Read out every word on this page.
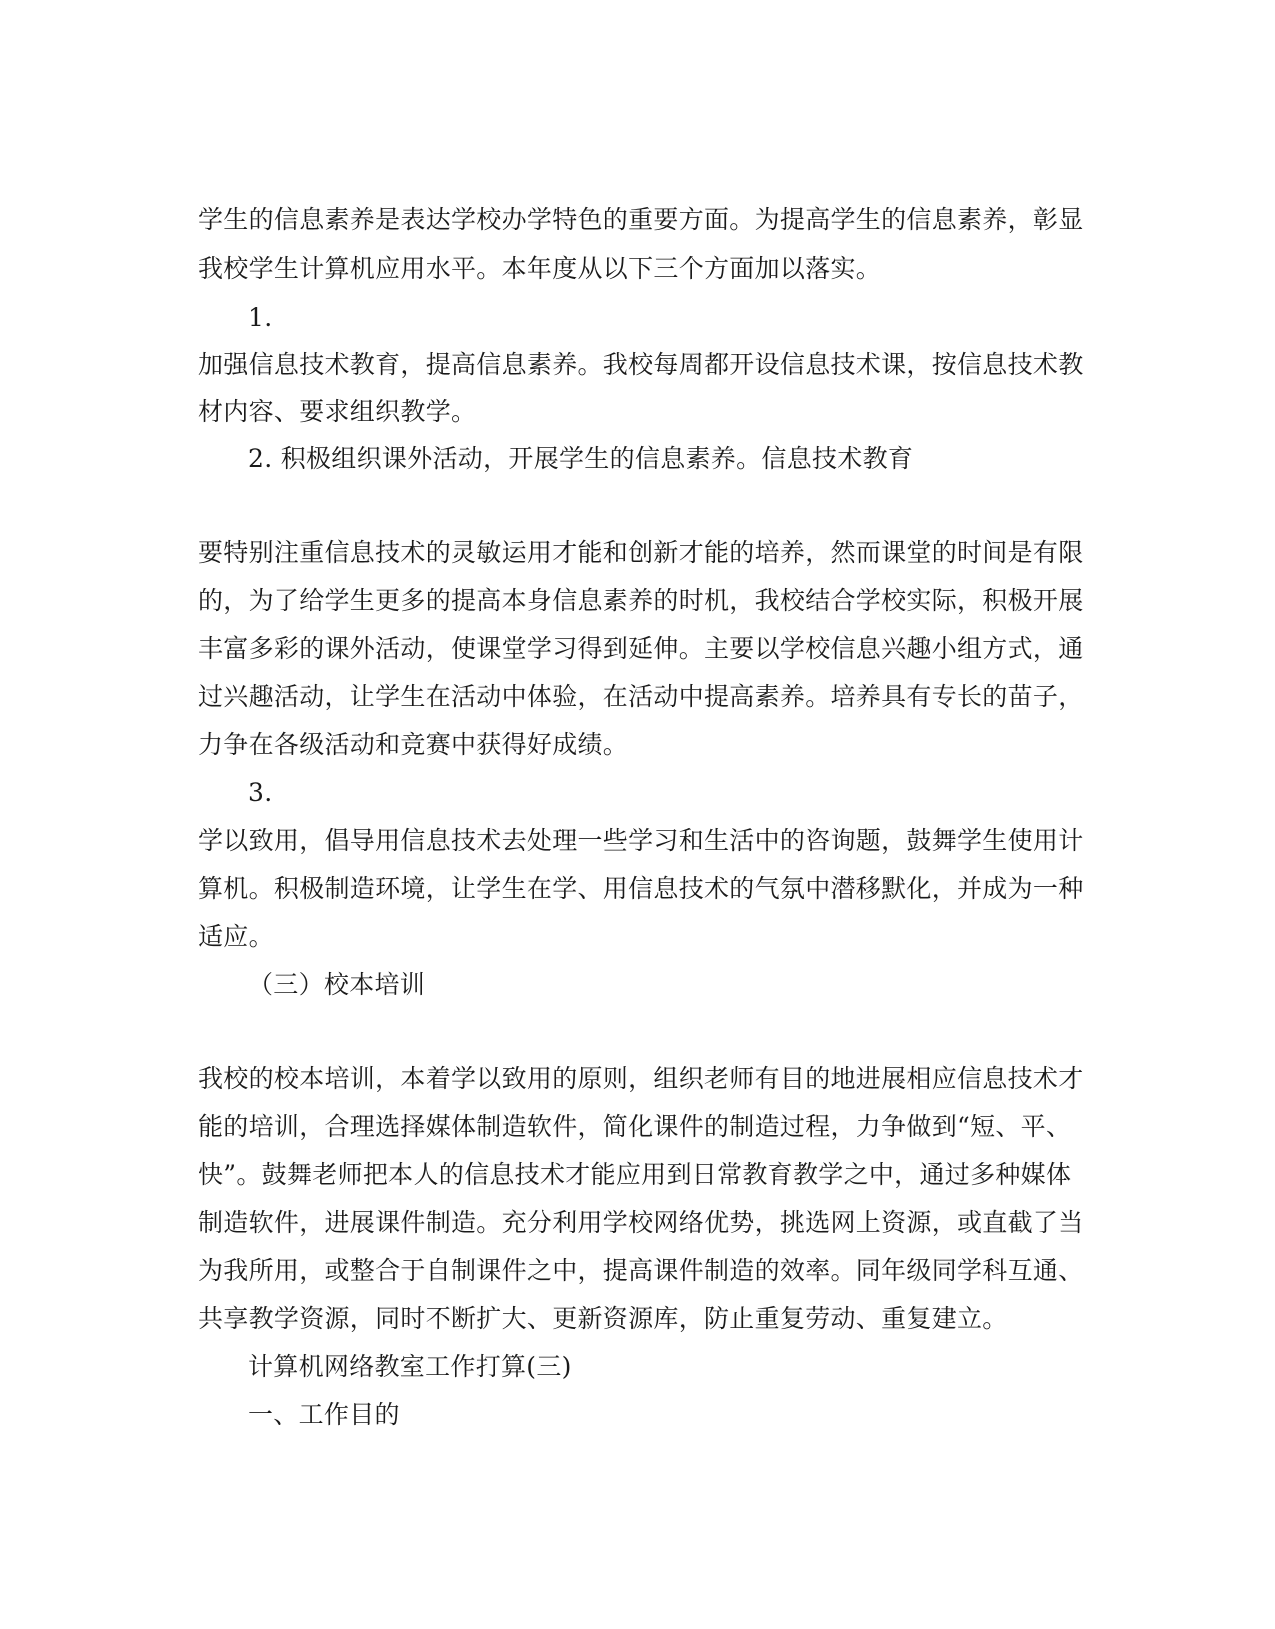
学生的信息素养是表达学校办学特色的重要方面。为提高学生的信息素养，彰显
我校学生计算机应用水平。本年度从以下三个方面加以落实。
1.
加强信息技术教育，提高信息素养。我校每周都开设信息技术课，按信息技术教
材内容、要求组织教学。
2. 积极组织课外活动，开展学生的信息素养。信息技术教育
要特别注重信息技术的灵敏运用才能和创新才能的培养，然而课堂的时间是有限
的，为了给学生更多的提高本身信息素养的时机，我校结合学校实际，积极开展
丰富多彩的课外活动，使课堂学习得到延伸。主要以学校信息兴趣小组方式，通
过兴趣活动，让学生在活动中体验，在活动中提高素养。培养具有专长的苗子，
力争在各级活动和竞赛中获得好成绩。
3.
学以致用，倡导用信息技术去处理一些学习和生活中的咨询题，鼓舞学生使用计
算机。积极制造环境，让学生在学、用信息技术的气氛中潜移默化，并成为一种
适应。
（三）校本培训
我校的校本培训，本着学以致用的原则，组织老师有目的地进展相应信息技术才
能的培训，合理选择媒体制造软件，简化课件的制造过程，力争做到“短、平、
快”。鼓舞老师把本人的信息技术才能应用到日常教育教学之中，通过多种媒体
制造软件，进展课件制造。充分利用学校网络优势，挑选网上资源，或直截了当
为我所用，或整合于自制课件之中，提高课件制造的效率。同年级同学科互通、
共享教学资源，同时不断扩大、更新资源库，防止重复劳动、重复建立。
计算机网络教室工作打算(三)
一、工作目的
